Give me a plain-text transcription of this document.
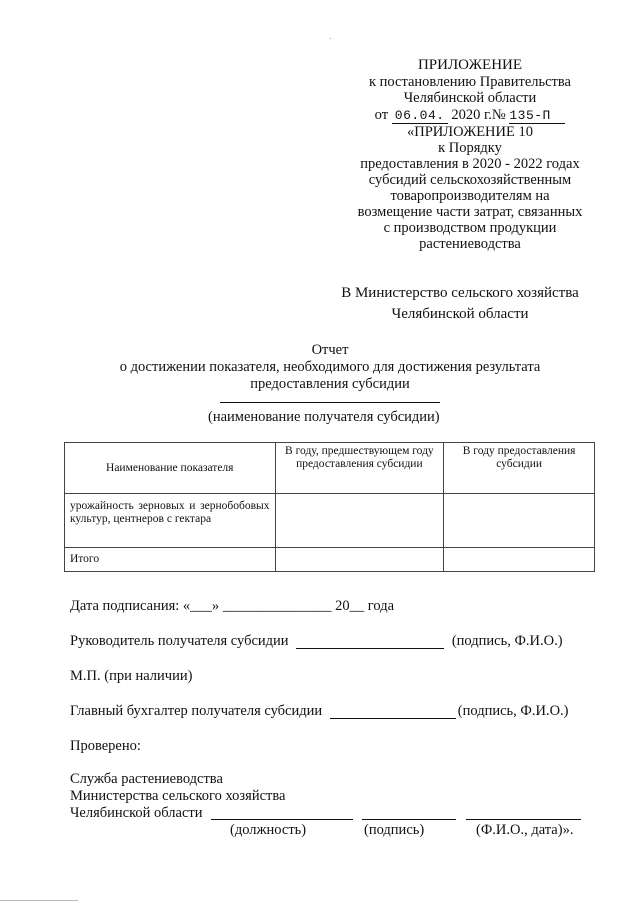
ПРИЛОЖЕНИЕ
к постановлению Правительства
Челябинской области
от 06.04. 2020 г.№ 135-П
«ПРИЛОЖЕНИЕ 10
к Порядку
предоставления в 2020 - 2022 годах
субсидий сельскохозяйственным
товаропроизводителям на
возмещение части затрат, связанных
с производством продукции
растениеводства
В Министерство сельского хозяйства
Челябинской области
Отчет
о достижении показателя, необходимого для достижения результата
предоставления субсидии
(наименование получателя субсидии)
Наименование показателя	В году, предшествующем году предоставления субсидии	В году предоставления субсидии
урожайность зерновых и зернобобовых культур, центнеров с гектара		
Итого		
Дата подписания: «___» _______________ 20__ года
Руководитель получателя субсидии	(подпись, Ф.И.О.)
М.П. (при наличии)
Главный бухгалтер получателя субсидии	(подпись, Ф.И.О.)
Проверено:
Служба растениеводства
Министерства сельского хозяйства
Челябинской области
(должность)	(подпись)	(Ф.И.О., дата)».
